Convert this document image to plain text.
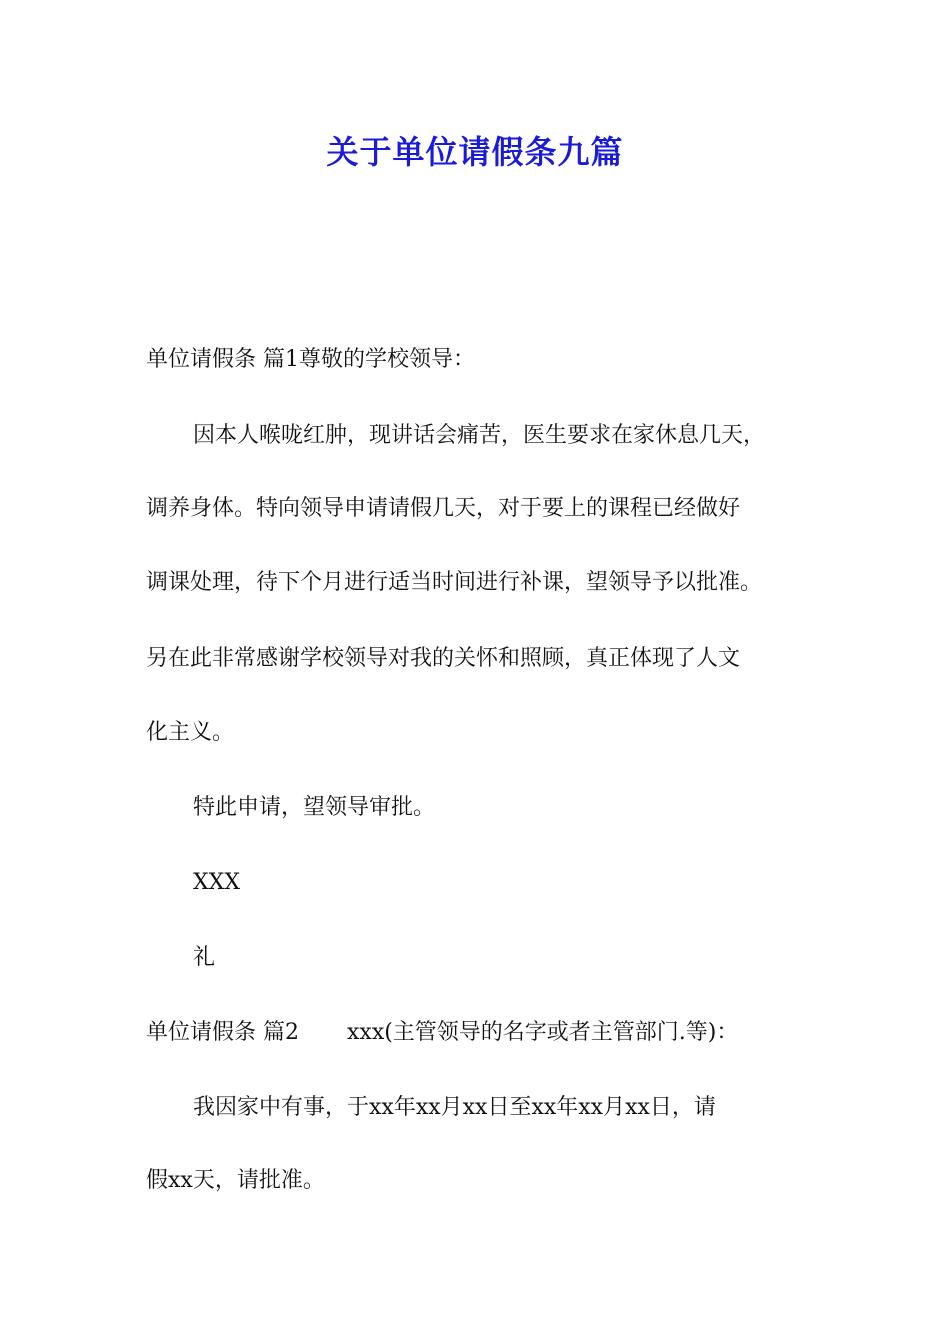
关于单位请假条九篇
单位请假条 篇1尊敬的学校领导：
因本人喉咙红肿，现讲话会痛苦，医生要求在家休息几天，
调养身体。特向领导申请请假几天，对于要上的课程已经做好
调课处理，待下个月进行适当时间进行补课，望领导予以批准。
另在此非常感谢学校领导对我的关怀和照顾，真正体现了人文
化主义。
特此申请，望领导审批。
XXX
礼
单位请假条 篇2 xxx(主管领导的名字或者主管部门.等)：
我因家中有事，于xx年xx月xx日至xx年xx月xx日，请
假xx天，请批准。
